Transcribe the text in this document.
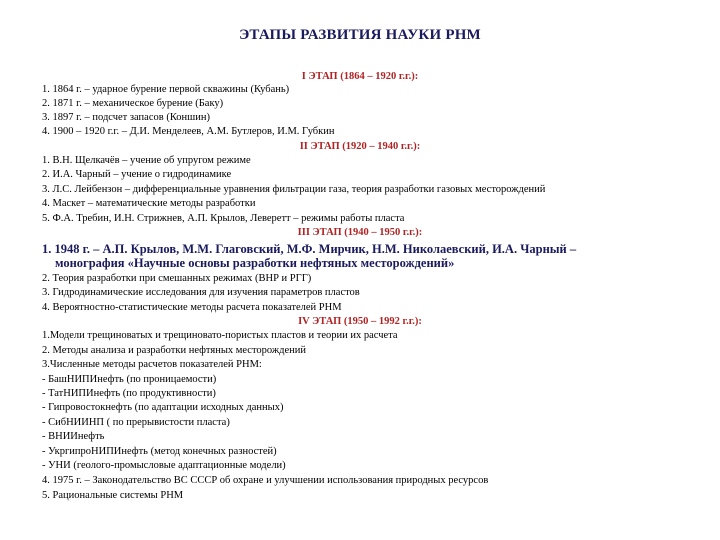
ЭТАПЫ РАЗВИТИЯ НАУКИ РНМ
I ЭТАП (1864 – 1920 г.г.):
1. 1864 г. – ударное бурение первой скважины (Кубань)
2. 1871 г. – механическое бурение (Баку)
3. 1897 г. – подсчет запасов (Коншин)
4. 1900 – 1920 г.г. – Д.И. Менделеев, А.М. Бутлеров, И.М. Губкин
II ЭТАП (1920 – 1940 г.г.):
1. В.Н. Щелкачёв – учение об упругом режиме
2. И.А. Чарный – учение о гидродинамике
3. Л.С. Лейбензон – дифференциальные уравнения фильтрации газа, теория разработки газовых месторождений
4. Маскет – математические методы разработки
5. Ф.А. Требин, И.Н. Стрижнев, А.П. Крылов, Леверетт – режимы работы пласта
III ЭТАП (1940 – 1950 г.г.):
1. 1948 г. – А.П. Крылов, М.М. Глаговский, М.Ф. Мирчик, Н.М. Николаевский, И.А. Чарный –
монография «Научные основы разработки нефтяных месторождений»
2. Теория разработки при смешанных режимах (ВНР и РГГ)
3. Гидродинамические исследования для изучения параметров пластов
4. Вероятностно-статистические методы расчета показателей РНМ
IV ЭТАП (1950 – 1992 г.г.):
1.Модели трещиноватых и трещиновато-пористых пластов и теории их расчета
2. Методы анализа и разработки нефтяных месторождений
3.Численные методы расчетов показателей РНМ:
- БашНИПИнефть (по проницаемости)
- ТатНИПИнефть (по продуктивности)
- Гипровостокнефть (по адаптации исходных данных)
- СибНИИНП ( по прерывистости пласта)
- ВНИИнефть
- УкргипроНИПИнефть (метод конечных разностей)
- УНИ (геолого-промысловые адаптационные модели)
4. 1975 г. – Законодательство ВС СССР об охране и улучшении использования природных ресурсов
5. Рациональные системы РНМ
